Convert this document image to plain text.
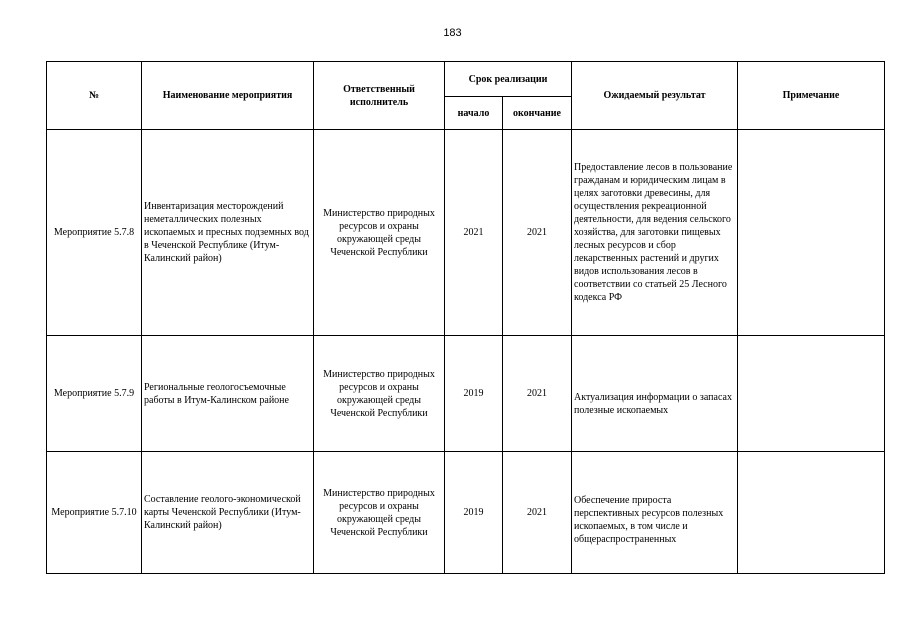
183
№	Наименование мероприятия	Ответственный исполнитель	Срок реализации		Ожидаемый результат	Примечание
			начало	окончание		
Мероприятие 5.7.8	Инвентаризация месторождений неметаллических полезных ископаемых и пресных подземных вод в Чеченской Республике (Итум-Калинский район)	Министерство природных ресурсов и охраны окружающей среды Чеченской Республики	2021	2021	Предоставление лесов в пользование гражданам и юридическим лицам в целях заготовки древесины, для осуществления рекреационной деятельности, для ведения сельского хозяйства, для заготовки пищевых лесных ресурсов и сбор лекарственных растений и других видов использования лесов в соответствии со статьей 25 Лесного кодекса РФ	
Мероприятие 5.7.9	Региональные геологосъемочные работы в Итум-Калинском районе	Министерство природных ресурсов и охраны окружающей среды Чеченской Республики	2019	2021	Актуализация информации о запасах
полезные ископаемых	

Мероприятие 5.7.10	Составление геолого-экономической карты Чеченской Республики (Итум-Калинский район)	Министерство природных ресурсов и охраны окружающей среды Чеченской Республики	2019	2021	Обеспечение прироста перспективных ресурсов полезных ископаемых, в том числе и общераспространенных	
